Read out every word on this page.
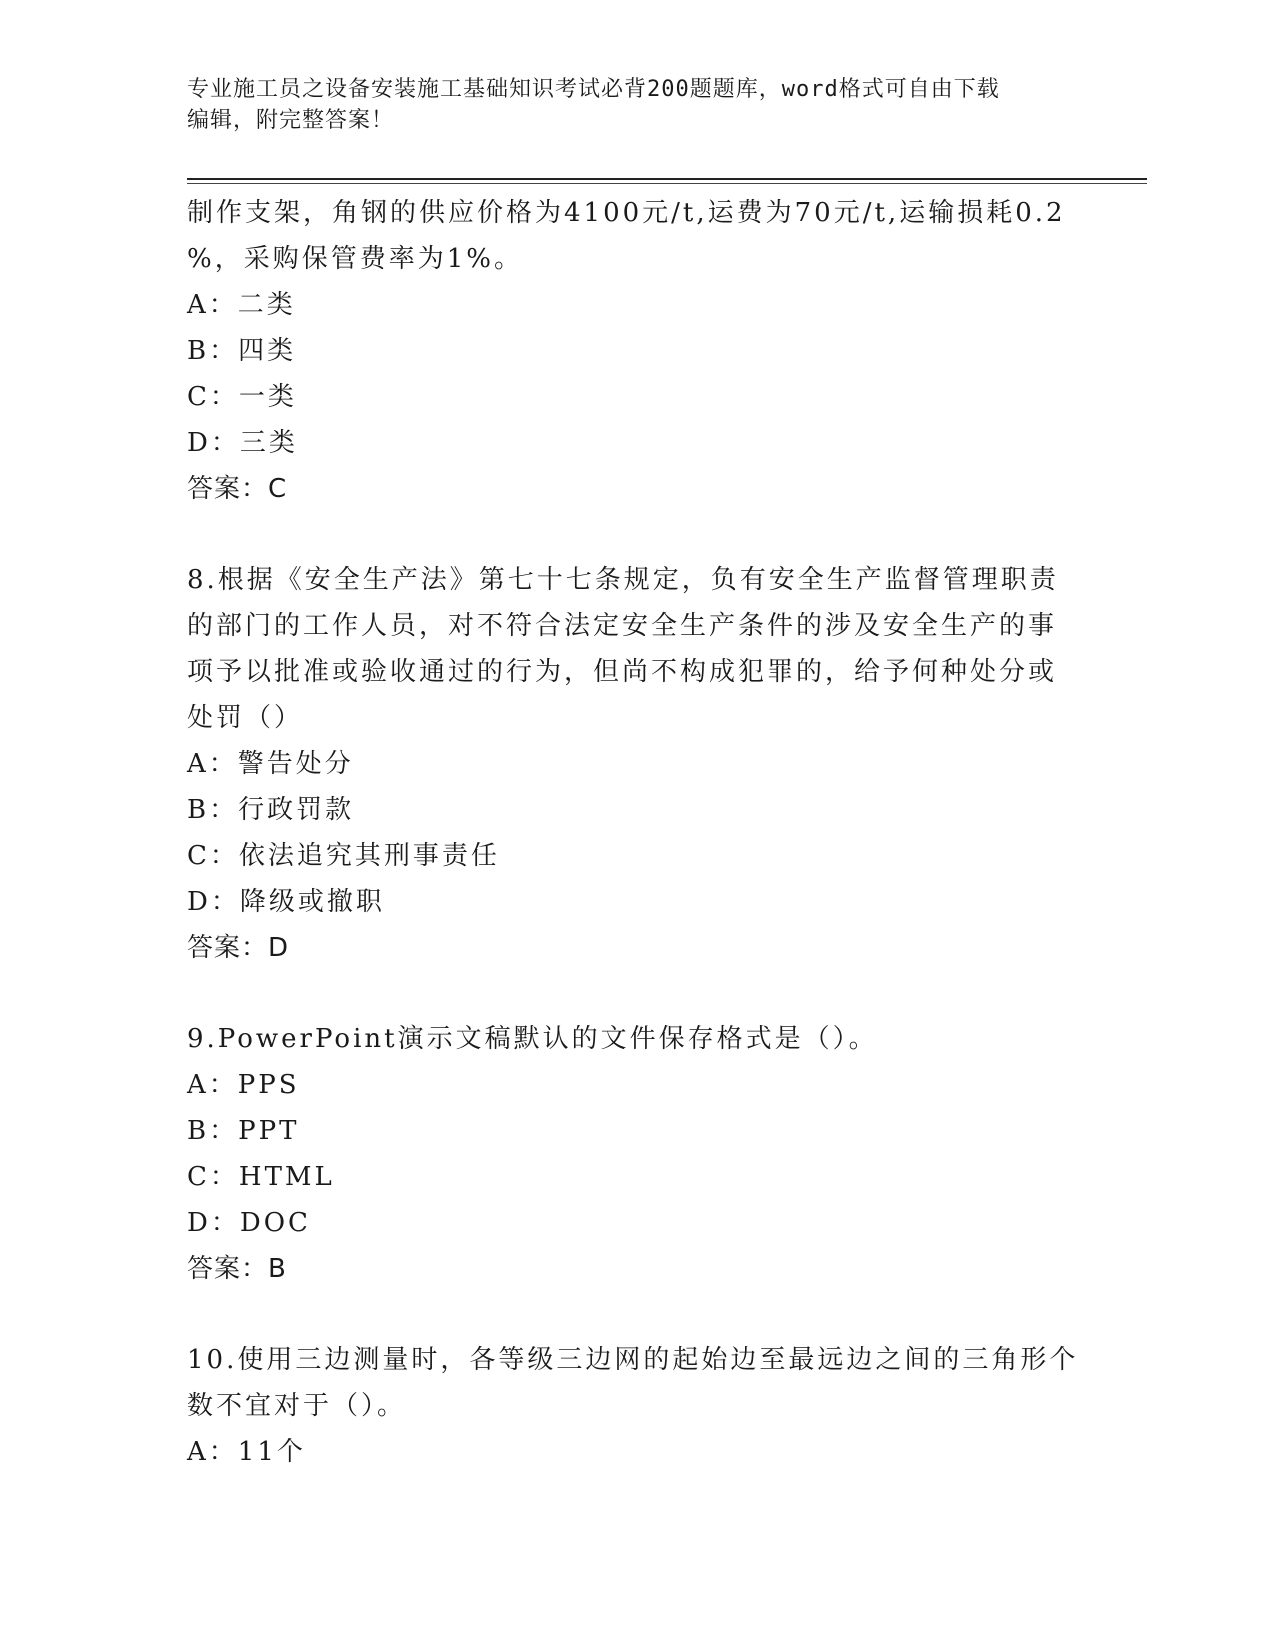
专业施工员之设备安装施工基础知识考试必背200题题库，word格式可自由下载
编辑，附完整答案！
制作支架，角钢的供应价格为4100元/t,运费为70元/t,运输损耗0.2
%，采购保管费率为1%。
A：二类
B：四类
C：一类
D：三类
答案：C
8.根据《安全生产法》第七十七条规定，负有安全生产监督管理职责
的部门的工作人员，对不符合法定安全生产条件的涉及安全生产的事
项予以批准或验收通过的行为，但尚不构成犯罪的，给予何种处分或
处罚（）
A：警告处分
B：行政罚款
C：依法追究其刑事责任
D：降级或撤职
答案：D
9.PowerPoint演示文稿默认的文件保存格式是（）。
A：PPS
B：PPT
C：HTML
D：DOC
答案：B
10.使用三边测量时，各等级三边网的起始边至最远边之间的三角形个
数不宜对于（）。
A：11个
